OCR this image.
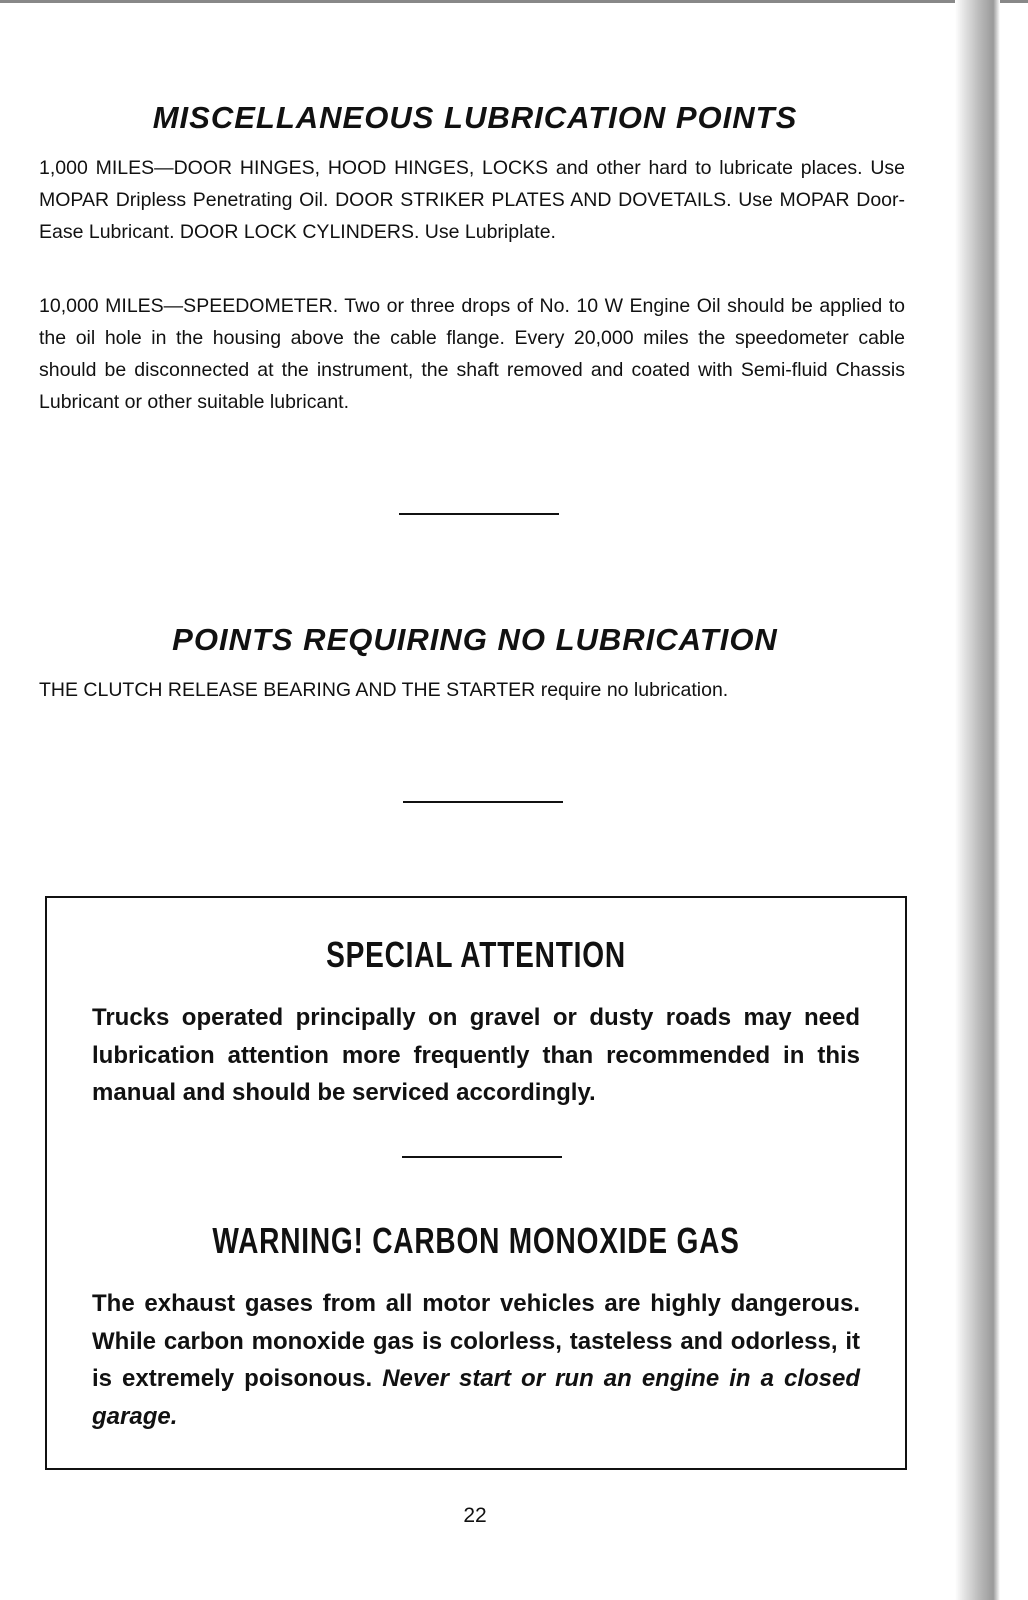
MISCELLANEOUS LUBRICATION POINTS
1,000 MILES—DOOR HINGES, HOOD HINGES, LOCKS and other hard to lubricate places. Use MOPAR Dripless Penetrating Oil. DOOR STRIKER PLATES AND DOVETAILS. Use MOPAR Door-Ease Lubricant. DOOR LOCK CYLINDERS. Use Lubriplate.
10,000 MILES—SPEEDOMETER. Two or three drops of No. 10 W Engine Oil should be applied to the oil hole in the housing above the cable flange. Every 20,000 miles the speedometer cable should be disconnected at the instrument, the shaft removed and coated with Semi-fluid Chassis Lubricant or other suitable lubricant.
POINTS REQUIRING NO LUBRICATION
THE CLUTCH RELEASE BEARING AND THE STARTER require no lubrication.
SPECIAL ATTENTION
Trucks operated principally on gravel or dusty roads may need lubrication attention more frequently than recommended in this manual and should be serviced accordingly.
WARNING! CARBON MONOXIDE GAS
The exhaust gases from all motor vehicles are highly dangerous. While carbon monoxide gas is colorless, tasteless and odorless, it is extremely poisonous. Never start or run an engine in a closed garage.
22
